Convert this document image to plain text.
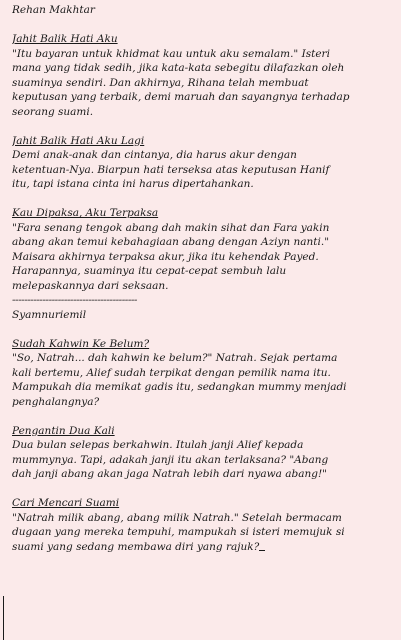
Rehan Makhtar
Jahit Balik Hati Aku
"Itu bayaran untuk khidmat kau untuk aku semalam." Isteri
mana yang tidak sedih, jika kata-kata sebegitu dilafazkan oleh
suaminya sendiri. Dan akhirnya, Rihana telah membuat
keputusan yang terbaik, demi maruah dan sayangnya terhadap
seorang suami.
Jahit Balik Hati Aku Lagi
Demi anak-anak dan cintanya, dia harus akur dengan
ketentuan-Nya. Biarpun hati terseksa atas keputusan Hanif
itu, tapi istana cinta ini harus dipertahankan.
Kau Dipaksa, Aku Terpaksa
"Fara senang tengok abang dah makin sihat dan Fara yakin
abang akan temui kebahagiaan abang dengan Aziyn nanti."
Maisara akhirnya terpaksa akur, jika itu kehendak Payed.
Harapannya, suaminya itu cepat-cepat sembuh lalu
melepaskannya dari seksaan.
-----------------------------------------
Syamnuriemil
Sudah Kahwin Ke Belum?
"So, Natrah... dah kahwin ke belum?" Natrah. Sejak pertama
kali bertemu, Alief sudah terpikat dengan pemilik nama itu.
Mampukah dia memikat gadis itu, sedangkan mummy menjadi
penghalangnya?
Pengantin Dua Kali
Dua bulan selepas berkahwin. Itulah janji Alief kepada
mummynya. Tapi, adakah janji itu akan terlaksana? "Abang
dah janji abang akan jaga Natrah lebih dari nyawa abang!"
Cari Mencari Suami
"Natrah milik abang, abang milik Natrah." Setelah bermacam
dugaan yang mereka tempuhi, mampukah si isteri memujuk si
suami yang sedang membawa diri yang rajuk?
